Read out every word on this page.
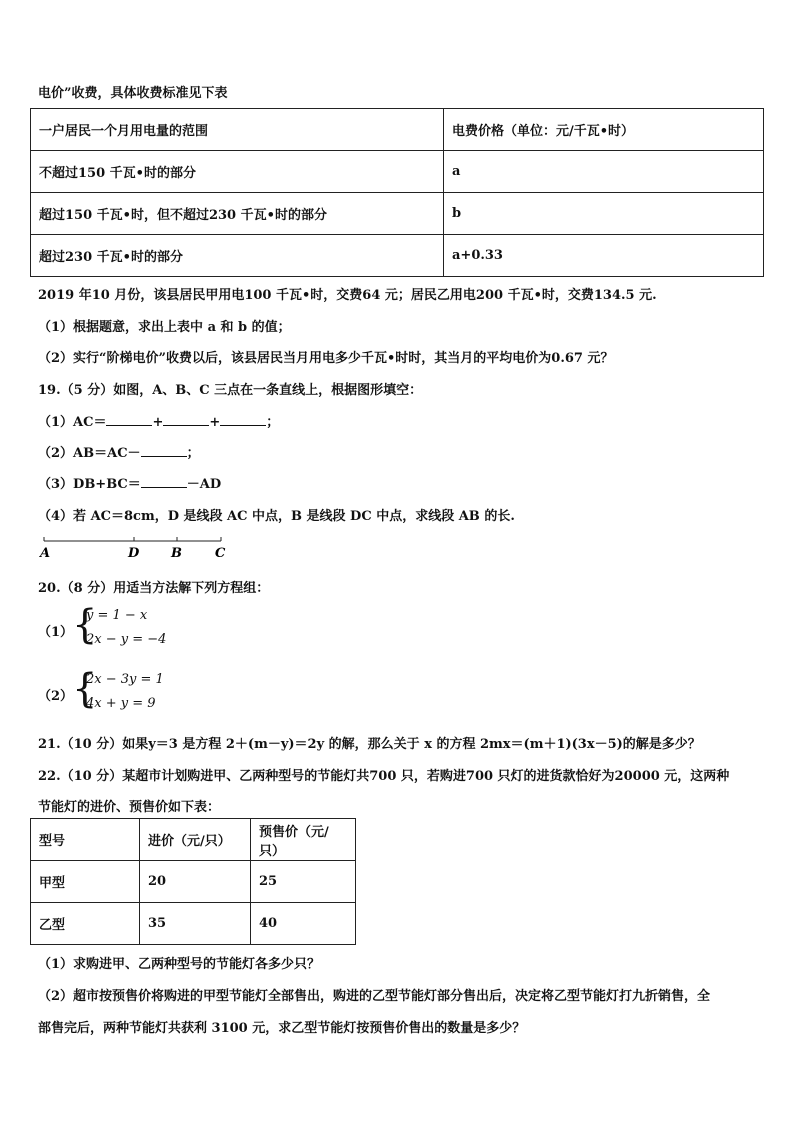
电价”收费，具体收费标准见下表
一户居民一个月用电量的范围	电费价格（单位：元/千瓦•时）
不超过150 千瓦•时的部分	a
超过150 千瓦•时，但不超过230 千瓦•时的部分	b
超过230 千瓦•时的部分	a+0.33
2019 年10 月份，该县居民甲用电100 千瓦•时，交费64 元；居民乙用电200 千瓦•时，交费134.5 元.
（1）根据题意，求出上表中 a 和 b 的值；
（2）实行“阶梯电价”收费以后，该县居民当月用电多少千瓦•时时，其当月的平均电价为0.67 元？
19.（5 分）如图，A、B、C 三点在一条直线上，根据图形填空：
（1）AC＝	+	+	；
（2）AB＝AC－	；
（3）DB+BC＝	－AD
（4）若 AC＝8cm，D 是线段 AC 中点，B 是线段 DC 中点，求线段 AB 的长.
A	D B	C
20.（8 分）用适当方法解下列方程组：
（1）
{
y = 1 − x
2x − y = −4
（2）
{
2x − 3y = 1
4x + y = 9
21.（10 分）如果y＝3 是方程 2＋(m－y)＝2y 的解，那么关于 x 的方程 2mx＝(m＋1)(3x－5)的解是多少？
22.（10 分）某超市计划购进甲、乙两种型号的节能灯共700 只，若购进700 只灯的进货款恰好为20000 元，这两种
节能灯的进价、预售价如下表：
型号	进价（元/只）	预售价（元/只）
甲型	20	25
乙型	35	40
（1）求购进甲、乙两种型号的节能灯各多少只？
（2）超市按预售价将购进的甲型节能灯全部售出，购进的乙型节能灯部分售出后，决定将乙型节能灯打九折销售，全
部售完后，两种节能灯共获利 3100 元，求乙型节能灯按预售价售出的数量是多少？
